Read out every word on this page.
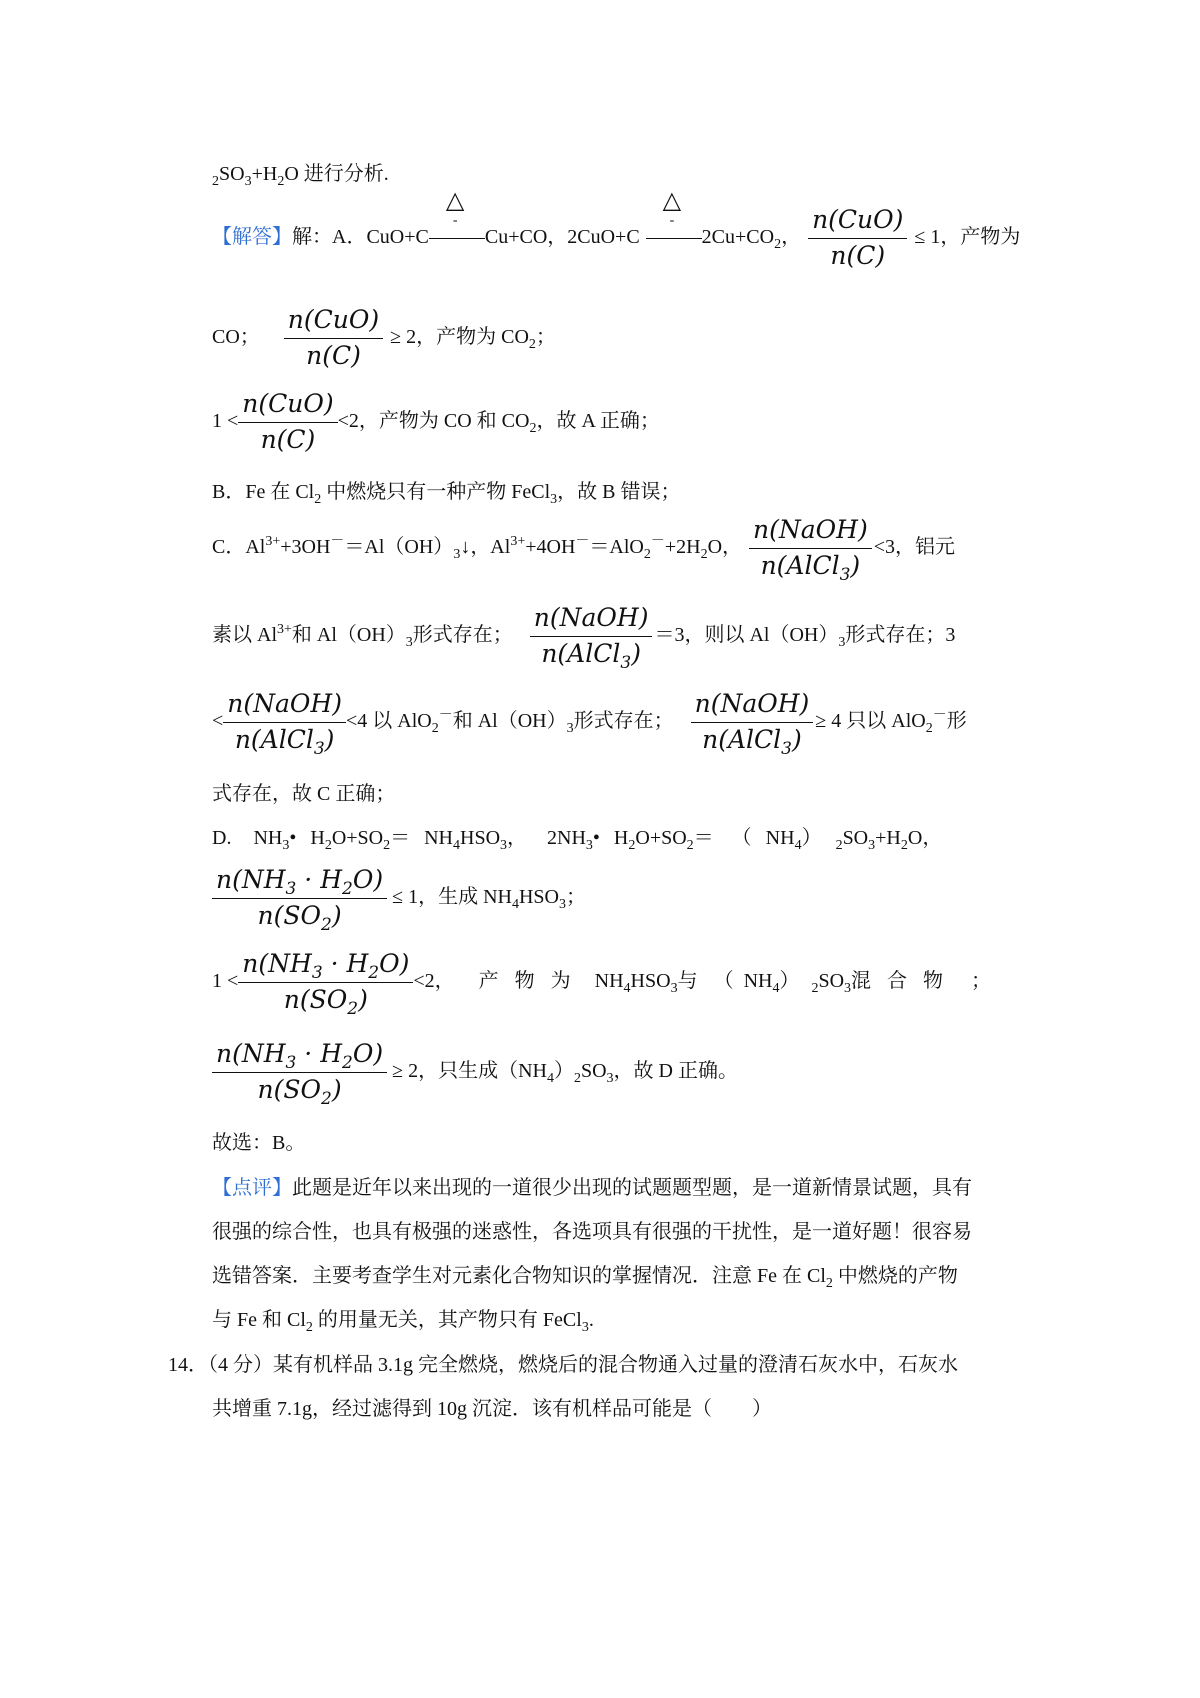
$_2SO_3+H_2O$ 进行分析.
【解答】解：A．CuO+C
△
-
Cu+CO，2CuO+C
△
-
$2Cu+CO_2$， $\frac{\text{n(CuO)}}{n(C)} \le 1$，产物为
CO； $\frac{\text{n(CuO)}}{n(C)} \ge 2$，产物为 $CO_2$；
$1 < \frac{\text{n(CuO)}}{n(C)} <2$，产物为 CO 和 $CO_2$，故 A 正确；
B．Fe 在 $Cl_2$ 中燃烧只有一种产物 FeCl$_3$，故 B 错误；
C．$Al^{3+}+3OH^-=Al(OH)_3↓$，$Al^{3+}+4OH^-=AlO_2^-+2H_2O$， $\frac{\text{n(NaOH)}}{n(AlCl_3)} <3$，铝元
素以 $Al^{3+}$和 $Al(OH)_3$形式存在； $\frac{\text{n(NaOH)}}{n(AlCl_3)} =3$，则以 $Al(OH)_3$形式存在；3
< $\frac{\text{n(NaOH)}}{n(AlCl_3)} <4$ 以 AlO$_2$－和 $Al(OH)_3$形式存在； $\frac{\text{n(NaOH)}}{n(AlCl_3)} \ge 4$ 只以 AlO$_2$－形
式存在，故 C 正确；
D. $NH_3•$ $H_2O+SO_2= NH_4HSO_3$， $2NH_3•$ $H_2O+SO_2=$ （ $NH_4$） $_2SO_3+H_2O$，
$\frac{n(NH_3 \cdot H_2O)}{n(SO_2)} \le 1$，生成 $NH_4HSO_3$；
$1 < \frac{n(NH_3 \cdot H_2O)}{n(SO_2)} <2$， 产 物 为 $NH_4HSO_3$与 （ $NH_4$） $_2SO_3$混 合 物 ；
$\frac{n(NH_3 \cdot H_2O)}{n(SO_2)} \ge 2$，只生成$(NH_4)_2SO_3$，故 D 正确。
故选：B。
【点评】此题是近年以来出现的一道很少出现的试题题型题，是一道新情景试题，具有
很强的综合性，也具有极强的迷惑性，各选项具有很强的干扰性，是一道好题！很容易
选错答案．主要考查学生对元素化合物知识的掌握情况．注意 Fe 在 $Cl_2$ 中燃烧的产物
与 Fe 和 $Cl_2$ 的用量无关，其产物只有 FeCl$_3$.
14．（4 分）某有机样品 3.1g 完全燃烧，燃烧后的混合物通入过量的澄清石灰水中，石灰水
共增重 7.1g，经过滤得到 10g 沉淀．该有机样品可能是（　　）
